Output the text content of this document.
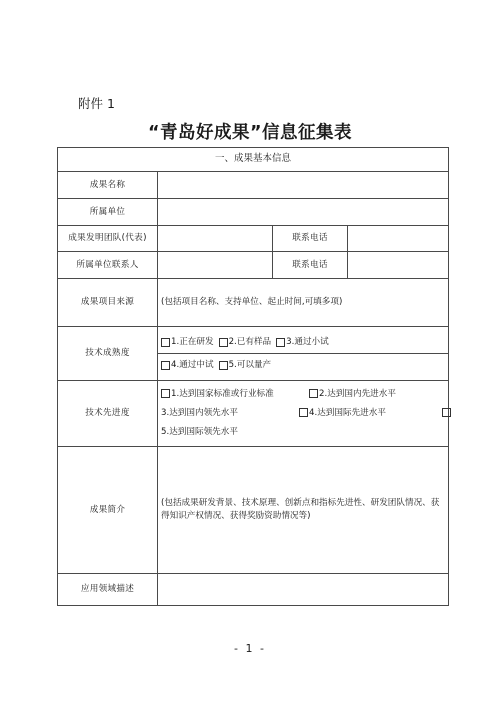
附件 1
“青岛好成果”信息征集表
一、成果基本信息			
成果名称			
所属单位			
成果发明团队(代表)		联系电话	
所属单位联系人		联系电话	
成果项目来源	(包括项目名称、支持单位、起止时间,可填多项)		
技术成熟度	1.正在研发 2.已有样品 3.通过小试
4.通过中试 5.可以量产		

技术先进度	1.达到国家标准或行业标准 2.达到国内先进水平
3.达到国内领先水平 4.达到国际先进水平
5.达到国际领先水平		

成果简介	(包括成果研发背景、技术原理、创新点和指标先进性、研发团队情况、获得知识产权情况、获得奖励资助情况等)		
应用领域描述			
- 1 -
